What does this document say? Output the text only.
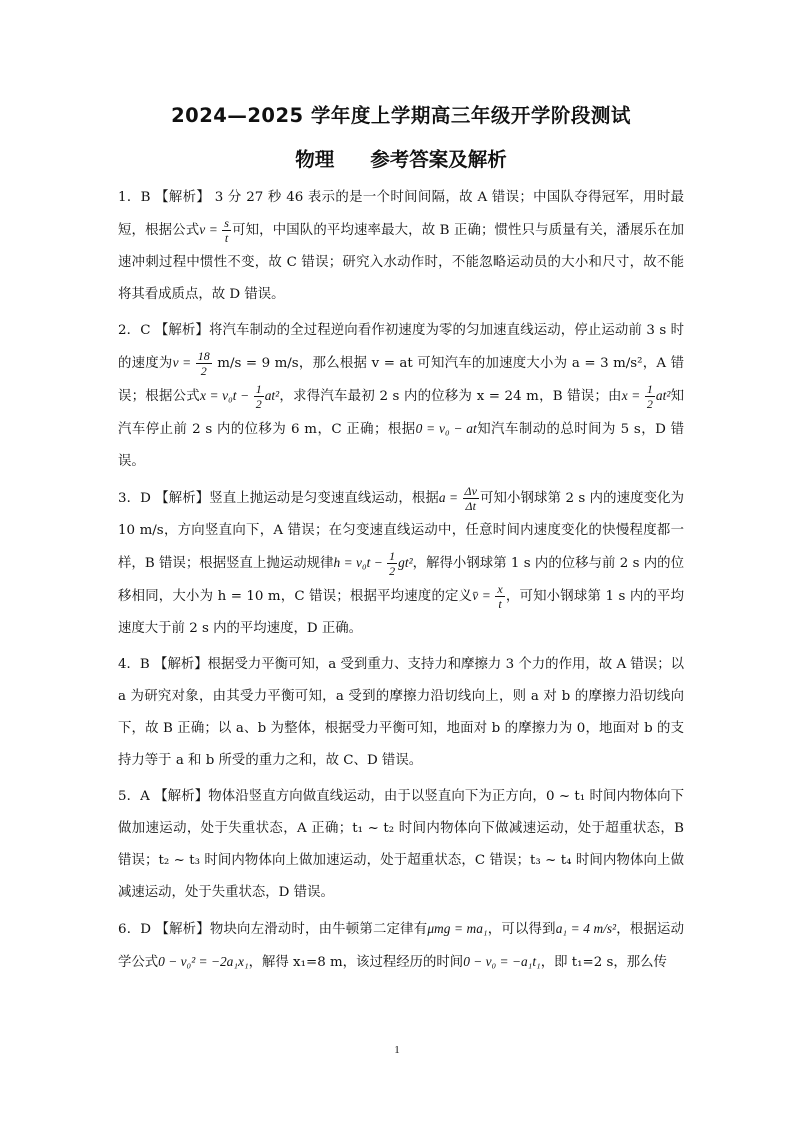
2024—2025 学年度上学期高三年级开学阶段测试
物理 参考答案及解析

1．B 【解析】 3 分 27 秒 46 表示的是一个时间间隔，故 A 错误；中国队夺得冠军，用时最短，根据公式$v = \frac{s}{t}$ 可知，中国队的平均速率最大，故 B 正确；惯性只与质量有关，潘展乐在加速冲刺过程中惯性不变，故 C 错误；研究入水动作时，不能忽略运动员的大小和尺寸，故不能将其看成质点，故 D 错误。

2．C 【解析】将汽车制动的全过程逆向看作初速度为零的匀加速直线运动，停止运动前 3 s 时的速度为$v = \frac{18}{2} m/s = 9$ m/s，那么根据 v = at 可知汽车的加速度大小为 a = 3 m/s²，A 错误；根据公式$x = v_0t - \frac{1}{2} at^2$，求得汽车最初 2 s 内的位移为 x = 24 m，B 错误；由$x = \frac{1}{2} at^2$知汽车停止前 2 s 内的位移为 6 m，C 正确；根据0 = v₀ − at知汽车制动的总时间为 5 s，D 错误。

3．D 【解析】竖直上抛运动是匀变速直线运动，根据$a = \frac{\Delta v}{\Delta t}$ 可知小钢球第 2 s 内的速度变化为 10 m/s，方向竖直向下，A 错误；在匀变速直线运动中，任意时间内速度变化的快慢程度都一样，B 错误；根据竖直上抛运动规律$h = v_0t - \frac{1}{2} gt^2$，解得小钢球第 1 s 内的位移与前 2 s 内的位移相同，大小为 h = 10 m，C 错误；根据平均速度的定义v̄ = $\frac{x}{t}$ ，可知小钢球第 1 s 内的平均速度大于前 2 s 内的平均速度，D 正确。

4．B 【解析】根据受力平衡可知，a 受到重力、支持力和摩擦力 3 个力的作用，故 A 错误；以 a 为研究对象，由其受力平衡可知，a 受到的摩擦力沿切线向上，则 a 对 b 的摩擦力沿切线向下，故 B 正确；以 a、b 为整体，根据受力平衡可知，地面对 b 的摩擦力为 0，地面对 b 的支持力等于 a 和 b 所受的重力之和，故 C、D 错误。

5．A 【解析】物体沿竖直方向做直线运动，由于以竖直向下为正方向，0 ~ t₁ 时间内物体向下做加速运动，处于失重状态，A 正确；t₁ ~ t₂ 时间内物体向下做减速运动，处于超重状态，B 错误；t₂ ~ t₃ 时间内物体向上做加速运动，处于超重状态，C 错误；t₃ ~ t₄ 时间内物体向上做减速运动，处于失重状态，D 错误。

6．D 【解析】物块向左滑动时，由牛顿第二定律有μmg = ma₁，可以得到a₁ = 4 m/s²，根据运动学公式0 − v₀² = −2a₁x₁，解得 x₁=8 m，该过程经历的时间0 − v₀ = −a₁t₁，即 t₁=2 s，那么传

1
